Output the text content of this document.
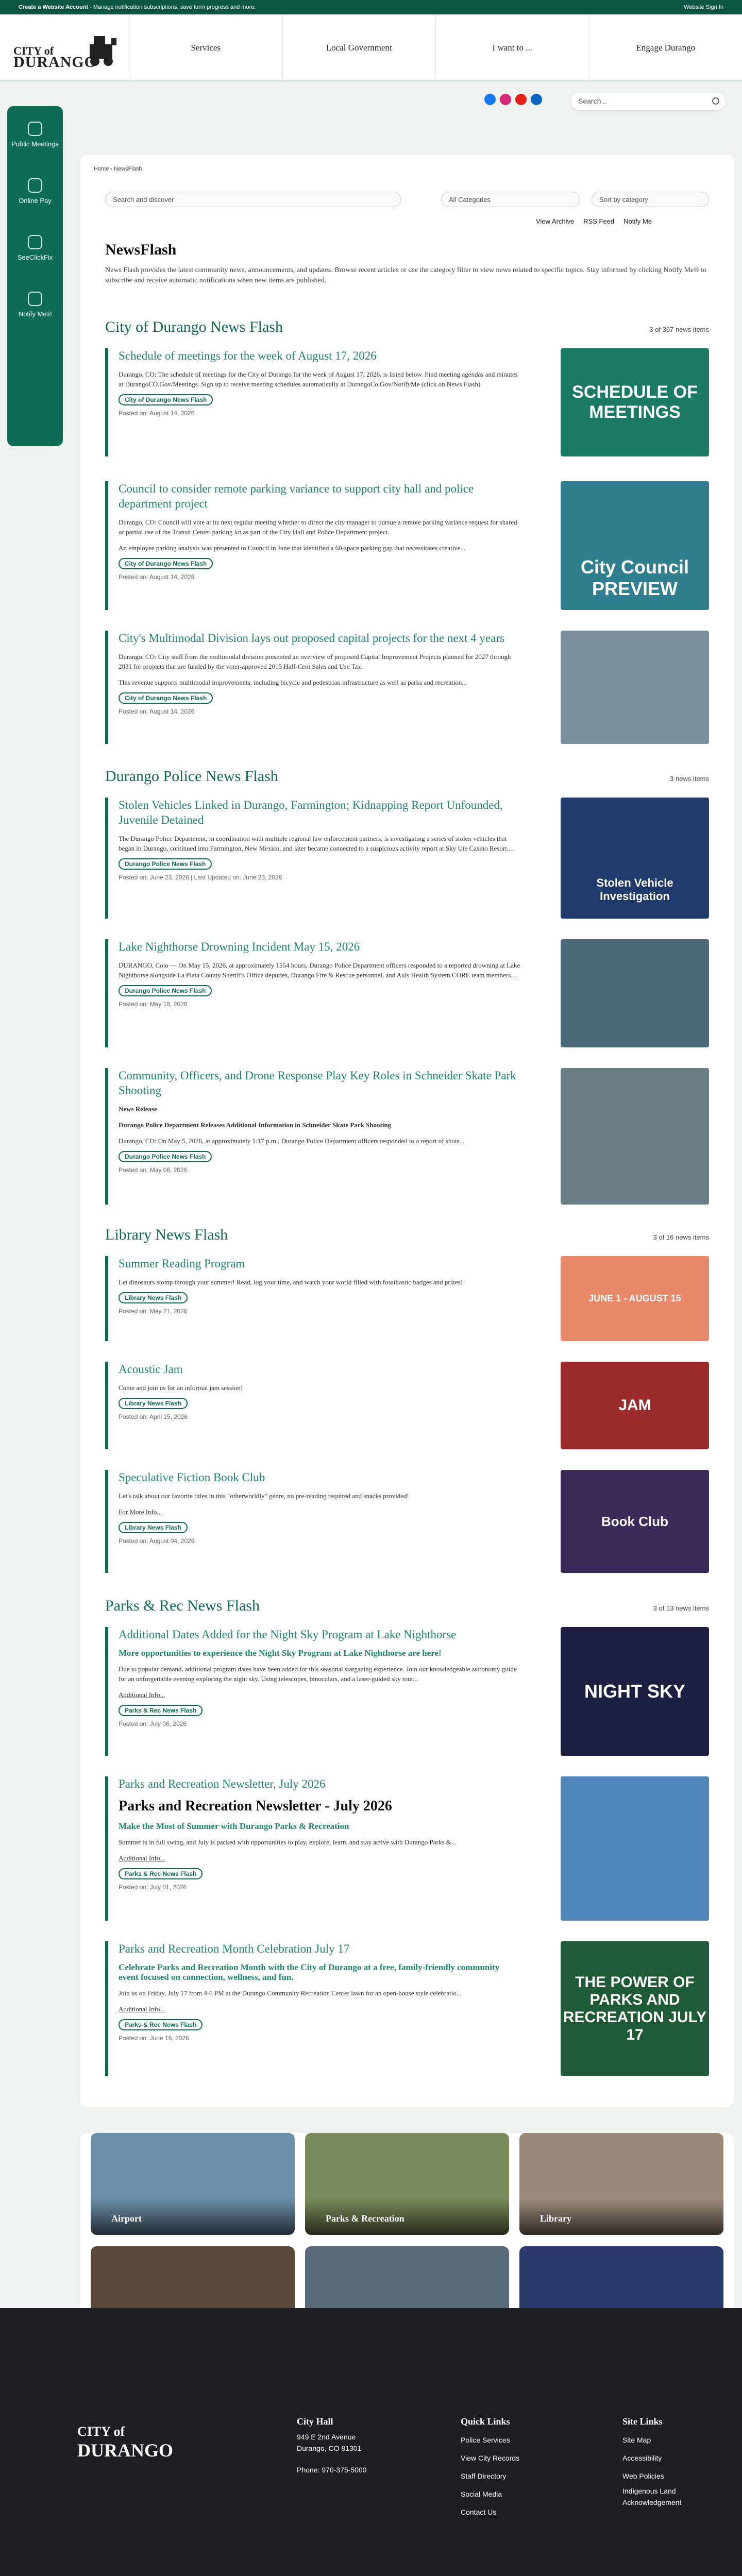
Create a Website Account - Manage notification subscriptions, save form progress and more.	Website Sign In
CITY of
DURANGO
Services	Local Government	I want to ...	Engage Durango
Search...
Public Meetings
Online Pay
SeeClickFix
Notify Me®
Home › NewsFlash
Search and discover	All Categories	Sort by category
View Archive RSS Feed Notify Me
NewsFlash
News Flash provides the latest community news, announcements, and updates. Browse recent articles or use the category filter to view news related to specific topics. Stay informed by clicking Notify Me® to subscribe and receive automatic notifications when new items are published.
City of Durango News Flash	3 of 367 news items
Schedule of meetings for the week of August 17, 2026
Durango, CO: The schedule of meetings for the City of Durango for the week of August 17, 2026, is listed below. Find meeting agendas and minutes at DurangoCO.Gov/Meetings. Sign up to receive meeting schedules automatically at DurangoCo.Gov/NotifyMe (click on News Flash).
City of Durango News Flash
Posted on: August 14, 2026
SCHEDULE OF MEETINGS
Council to consider remote parking variance to support city hall and police department project
Durango, CO: Council will vote at its next regular meeting whether to direct the city manager to pursue a remote parking variance request for shared or partial use of the Transit Center parking lot as part of the City Hall and Police Department project.
An employee parking analysis was presented to Council in June that identified a 60-space parking gap that necessitates creative...
City of Durango News Flash
Posted on: August 14, 2026	City Council PREVIEW
City's Multimodal Division lays out proposed capital projects for the next 4 years
Durango, CO: City staff from the multimodal division presented an overview of proposed Capital Improvement Projects planned for 2027 through 2031 for projects that are funded by the voter-approved 2015 Half-Cent Sales and Use Tax.
This revenue supports multimodal improvements, including bicycle and pedestrian infrastructure as well as parks and recreation...
City of Durango News Flash
Posted on: August 14, 2026
Durango Police News Flash	3 news items
Stolen Vehicles Linked in Durango, Farmington; Kidnapping Report Unfounded, Juvenile Detained
The Durango Police Department, in coordination with multiple regional law enforcement partners, is investigating a series of stolen vehicles that began in Durango, continued into Farmington, New Mexico, and later became connected to a suspicious activity report at Sky Ute Casino Resort....
Durango Police News Flash
Posted on: June 23, 2026 | Last Updated on: June 23, 2026	Stolen Vehicle Investigation
Lake Nighthorse Drowning Incident May 15, 2026
DURANGO, Colo — On May 15, 2026, at approximately 1554 hours, Durango Police Department officers responded to a reported drowning at Lake Nighthorse alongside La Plata County Sheriff's Office deputies, Durango Fire & Rescue personnel, and Axis Health System CORE team members....
Durango Police News Flash
Posted on: May 18, 2026
Community, Officers, and Drone Response Play Key Roles in Schneider Skate Park Shooting
News Release
Durango Police Department Releases Additional Information in Schneider Skate Park Shooting
Durango, CO: On May 5, 2026, at approximately 1:17 p.m., Durango Police Department officers responded to a report of shots...
Durango Police News Flash
Posted on: May 06, 2026
Library News Flash	3 of 16 news items
Summer Reading Program
Let dinosaurs stomp through your summer! Read, log your time, and watch your world filled with fossiltastic badges and prizes!
Library News Flash
Posted on: May 21, 2026
JUNE 1 - AUGUST 15
Acoustic Jam
Come and join us for an informal jam session!
Library News Flash
Posted on: April 15, 2026
JAM
Speculative Fiction Book Club
Let's talk about our favorite titles in this "otherworldly" genre, no pre-reading required and snacks provided!
For More Info...
Library News Flash
Posted on: August 04, 2026
Book Club
Parks & Rec News Flash	3 of 13 news items
Additional Dates Added for the Night Sky Program at Lake Nighthorse
More opportunities to experience the Night Sky Program at Lake Nighthorse are here!
Due to popular demand, additional program dates have been added for this seasonal stargazing experience. Join our knowledgeable astronomy guide for an unforgettable evening exploring the night sky. Using telescopes, binoculars, and a laser-guided sky tour...
Additional Info...
Parks & Rec News Flash
Posted on: July 06, 2026
NIGHT SKY
Parks and Recreation Newsletter, July 2026
Parks and Recreation Newsletter - July 2026
Make the Most of Summer with Durango Parks & Recreation
Summer is in full swing, and July is packed with opportunities to play, explore, learn, and stay active with Durango Parks &...
Additional Info...
Parks & Rec News Flash
Posted on: July 01, 2026
Parks and Recreation Month Celebration July 17
Celebrate Parks and Recreation Month with the City of Durango at a free, family-friendly community event focused on connection, wellness, and fun.
Join us on Friday, July 17 from 4-6 PM at the Durango Community Recreation Center lawn for an open-house style celebratio...
Additional Info...
Parks & Rec News Flash
Posted on: June 16, 2026
THE POWER OF PARKS AND RECREATION JULY 17
Airport	Parks & Recreation	Library
CITY of
DURANGO
City Hall
949 E 2nd Avenue
Durango, CO 81301
Phone: 970-375-5000
Quick Links
Police Services
View City Records
Staff Directory
Social Media
Contact Us
Site Links
Site Map
Accessibility
Web Policies
Indigenous Land Acknowledgement
